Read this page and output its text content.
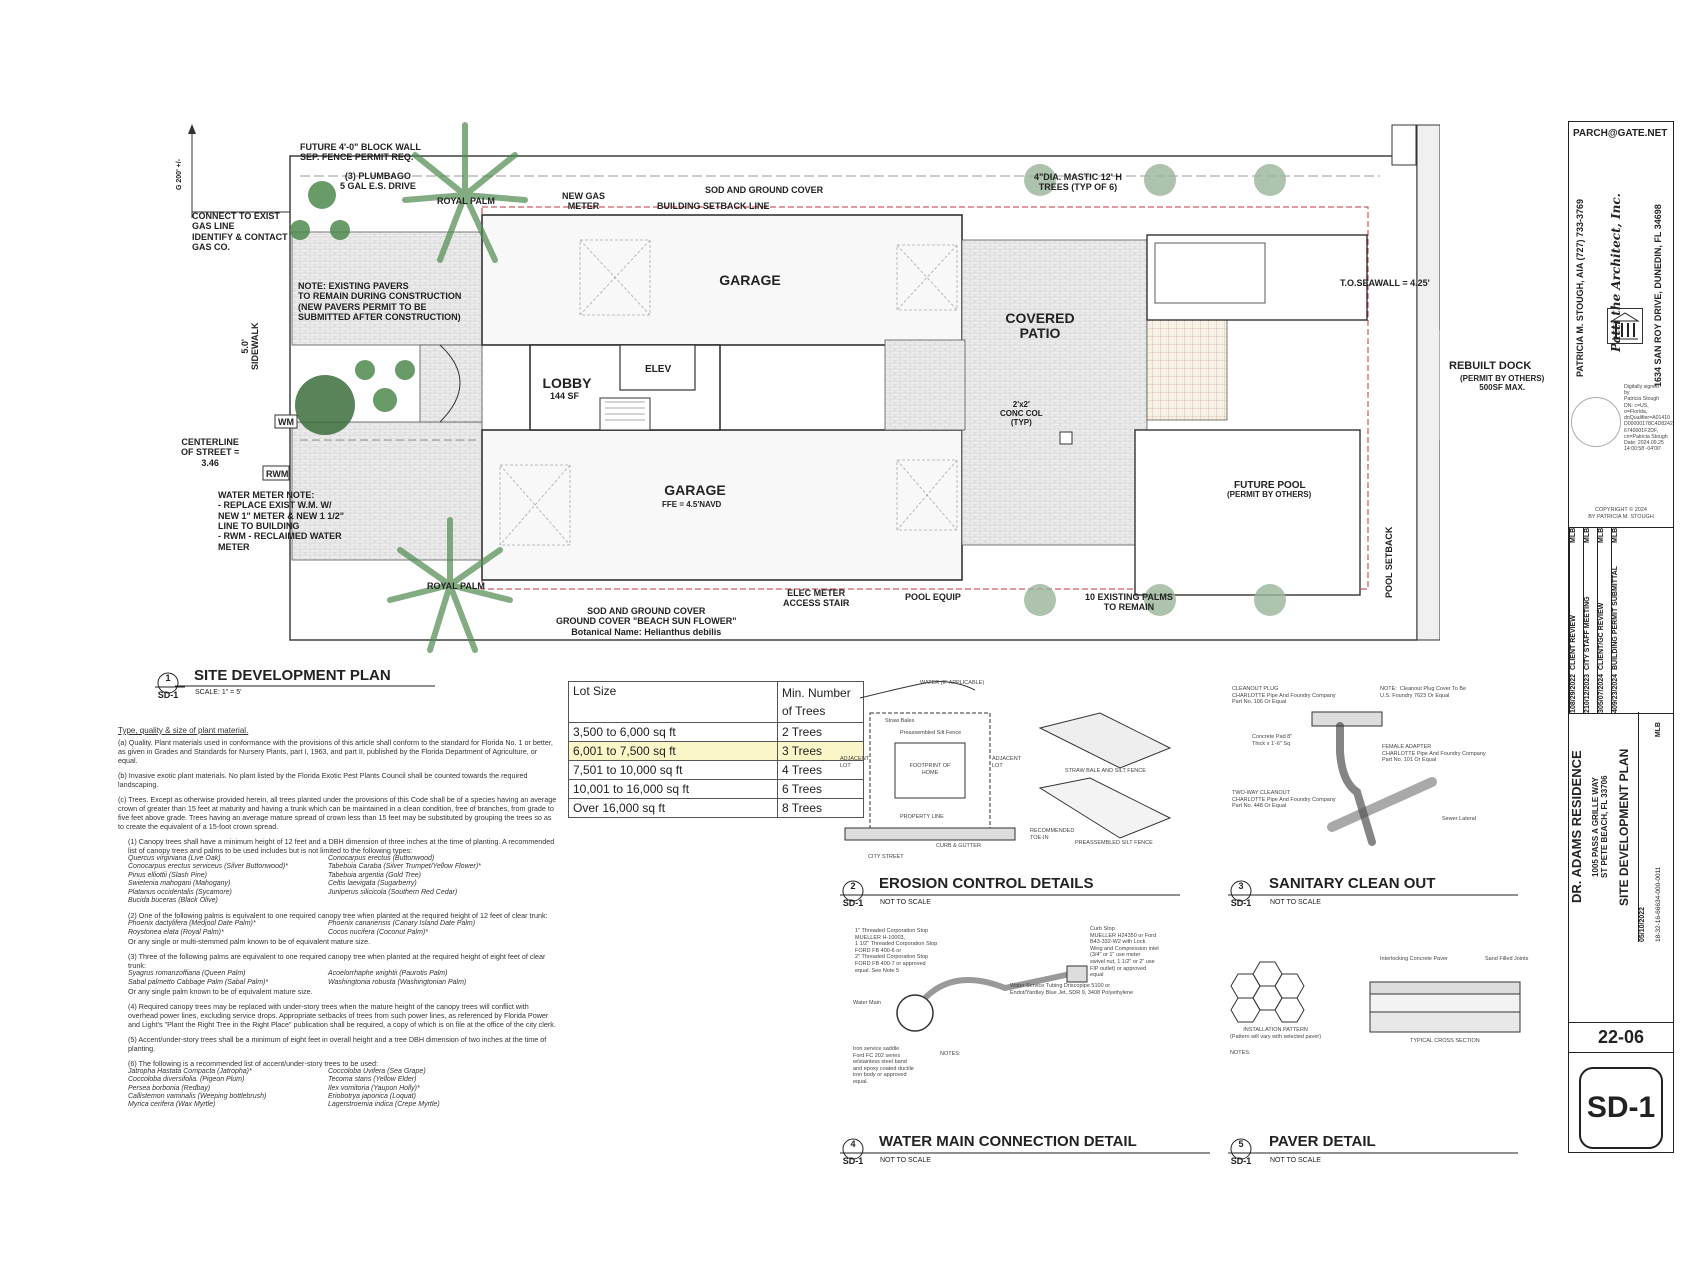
CONNECT TO EXIST
GAS LINE
IDENTIFY & CONTACT
GAS CO.
G 200' +/-
FUTURE 4'-0" BLOCK WALL
SEP. FENCE PERMIT REQ.
(3) PLUMBAGO
5 GAL E.S. DRIVE
ROYAL PALM	NEW GAS
METER
SOD AND GROUND COVER
BUILDING SETBACK LINE
4"DIA. MASTIC 12' H
TREES (TYP OF 6)
NOTE: EXISTING PAVERS
TO REMAIN DURING CONSTRUCTION
(NEW PAVERS PERMIT TO BE
SUBMITTED AFTER CONSTRUCTION)
GARAGE
COVERED
PATIO
T.O.SEAWALL = 4.25'
5.0'
SIDEWALK
LOBBY
144 SF
ELEV
2'x2'
CONC COL
(TYP)
REBUILT DOCK
(PERMIT BY OTHERS)
500SF MAX.
CENTERLINE
OF STREET =
3.46
WM
RWM
GARAGE
FFE = 4.5'NAVD
FUTURE POOL
(PERMIT BY OTHERS)
WATER METER NOTE:
- REPLACE EXIST W.M. W/
NEW 1" METER & NEW 1 1/2"
LINE TO BUILDING
- RWM - RECLAIMED WATER
METER	POOL SETBACK
ROYAL PALM
ELEC METER
ACCESS STAIR
POOL EQUIP	10 EXISTING PALMS
TO REMAIN
SOD AND GROUND COVER
GROUND COVER "BEACH SUN FLOWER"
Botanical Name: Helianthus debilis
1
SD-1
SITE DEVELOPMENT PLAN
SCALE: 1" = 5'

Type, quality & size of plant material.

(a) Quality. Plant materials used in conformance with the provisions of this article shall conform to the standard for Florida No. 1 or better, as given in Grades and Standards for Nursery Plants, part I, 1963, and part II, published by the Florida Department of Agriculture, or equal.

(b) Invasive exotic plant materials. No plant listed by the Florida Exotic Pest Plants Council shall be counted towards the required landscaping.

(c) Trees. Except as otherwise provided herein, all trees planted under the provisions of this Code shall be of a species having an average crown of greater than 15 feet at maturity and having a trunk which can be maintained in a clean condition, free of branches, from grade to five feet above grade. Trees having an average mature spread of crown less than 15 feet may be substituted by grouping the trees so as to create the equivalent of a 15-foot crown spread.

(1) Canopy trees shall have a minimum height of 12 feet and a DBH dimension of three inches at the time of planting. A recommended list of canopy trees and palms to be used includes but is not limited to the following types:

Quercus virginiana (Live Oak)	Conocarpus erectus (Buttonwood)
Conocarpus erectus serviceus (Silver Buttonwood)*	Tabebuia Caraba (Silver Trumpet/Yellow Flower)*
Pinus elliottii (Slash Pine)	Tabebuia argentia (Gold Tree)
Swietenia mahogani (Mahogany)	Celtis laevigata (Sugarberry)
Platanus occidentalis (Sycamore)	Juniperus silicicola (Southern Red Cedar)
Bucida buceras (Black Olive)

(2) One of the following palms is equivalent to one required canopy tree when planted at the required height of 12 feet of clear trunk:

Phoenix dactylifera (Medjool Date Palm)*	Phoenix canariensis (Canary Island Date Palm)
Roystonea elata (Royal Palm)*	Cocos nucifera (Coconut Palm)*

Or any single or multi-stemmed palm known to be of equivalent mature size.

(3) Three of the following palms are equivalent to one required canopy tree when planted at the required height of eight feet of clear trunk:

Syagrus romanzoffiana (Queen Palm)	Acoelorrhaphe wrightii (Paurotis Palm)
Sabal palmetto Cabbage Palm (Sabal Palm)*	Washingtonia robusta (Washingtonian Palm)

Or any single palm known to be of equivalent mature size.

(4) Required canopy trees may be replaced with under-story trees when the mature height of the canopy trees will conflict with overhead power lines, excluding service drops. Appropriate setbacks of trees from such power lines, as referenced by Florida Power and Light's "Plant the Right Tree in the Right Place" publication shall be required, a copy of which is on file at the office of the city clerk.

(5) Accent/under-story trees shall be a minimum of eight feet in overall height and a tree DBH dimension of two inches at the time of planting.

(6) The following is a recommended list of accent/under-story trees to be used:

Jatropha Hastata Compacta (Jatropha)*	Coccoloba Uvifera (Sea Grape)
Coccoloba diversifolia. (Pigeon Plum)	Tecoma stans (Yellow Elder)
Persea borbonia (Redbay)	Ilex vomitoria (Yaupon Holly)*
Callistemon vaminalis (Weeping bottlebrush)	Eriobotrya japonica (Loquat)
Myrica cerifera (Wax Myrtle)	Lagerstroemia indica (Crepe Myrtle)
Lot Size	Min. Number
of Trees
3,500 to 6,000 sq ft	2 Trees
6,001 to 7,500 sq ft	3 Trees
7,501 to 10,000 sq ft	4 Trees
10,001 to 16,000 sq ft	6 Trees
Over 16,000 sq ft	8 Trees
WATER (IF APPLICABLE)
Straw Bales
Preassembled Silt Fence
FOOTPRINT OF HOME
ADJACENT LOT
ADJACENT LOT
PROPERTY LINE
CITY STREET
CURB & GUTTER
STRAW BALE AND SILT FENCE
PREASSEMBLED SILT FENCE
RECOMMENDED TOE-IN
2
SD-1
EROSION CONTROL DETAILS
NOT TO SCALE
CLEANOUT PLUG
CHARLOTTE Pipe And Foundry Company
Part No. 106 Or Equal
NOTE:  Cleanout Plug Cover To Be
U.S. Foundry 7623 Or Equal
Concrete Pad 8"
Thick x 1'-6" Sq
FEMALE ADAPTER
CHARLOTTE Pipe And Foundry Company
Part No. 101 Or Equal
TWO-WAY CLEANOUT
CHARLOTTE Pipe And Foundry Company
Part No. 448 Or Equal
Sewer Lateral
3
SD-1
SANITARY CLEAN OUT
NOT TO SCALE
1" Threaded Corporation Stop
MUELLER H-10003,
1 1/2" Threaded Corporation Stop
FORD FB 400-6 or
2" Threaded Corporation Stop
FORD FB 400-7 or approved
equal. See Note 5
Water Main
Iron service saddle
Ford FC 202 series
w/stainless steel band
and epoxy coated ductile
iron body or approved
equal.
Curb Stop
MUELLER H24350 or Ford
B43-332-W2 with Lock
Wing and Compression inlet
(3/4" or 1" use meter
swivel nut, 1 1/2" or 2" use
FIP outlet) or approved
equal
Water Service Tubing Driscopipe 5100 or
Endot/Yardley Blue Jet, SDR 9, 3408 Polyethylene
NOTES:
4
SD-1
WATER MAIN CONNECTION DETAIL
NOT TO SCALE
INSTALLATION PATTERN
(Pattern will vary with selected paver)
Interlocking Concrete Paver	Sand Filled Joints
TYPICAL CROSS SECTION
NOTES:
5
SD-1
PAVER DETAIL
NOT TO SCALE
PARCH@GATE.NET
PATRICIA M. STOUGH, AIA (727) 733-3769 Patti the Architect, Inc.	1634 SAN ROY DRIVE, DUNEDIN, FL 34698
Digitally signed
by
Patricia Stough
DN: c=US,
o=Florida,
dnQualifier=A01410
D00000178C4D8242
6740001F2DF,
cn=Patricia Stough
Date: 2024.09.25
14:00:58 -04'00'
COPYRIGHT © 2024
BY PATRICIA M. STOUGH
1
08/29/2022
CLIENT REVIEW
MLB
2
10/12/2023
CITY STAFF MEETING
MLB
3
05/07/2024
CLIENT/GC REVIEW
MLB
4
09/23/2024
BUILDING PERMIT SUBMITTAL
MLB
DR. ADAMS RESIDENCE 1005 PASS A GRILLE WAY
ST PETE BEACH, FL 33706 SITE DEVELOPMENT PLAN
05/10/2022	18-32-16-66634-000-0011
MLB
22-06
SD-1
